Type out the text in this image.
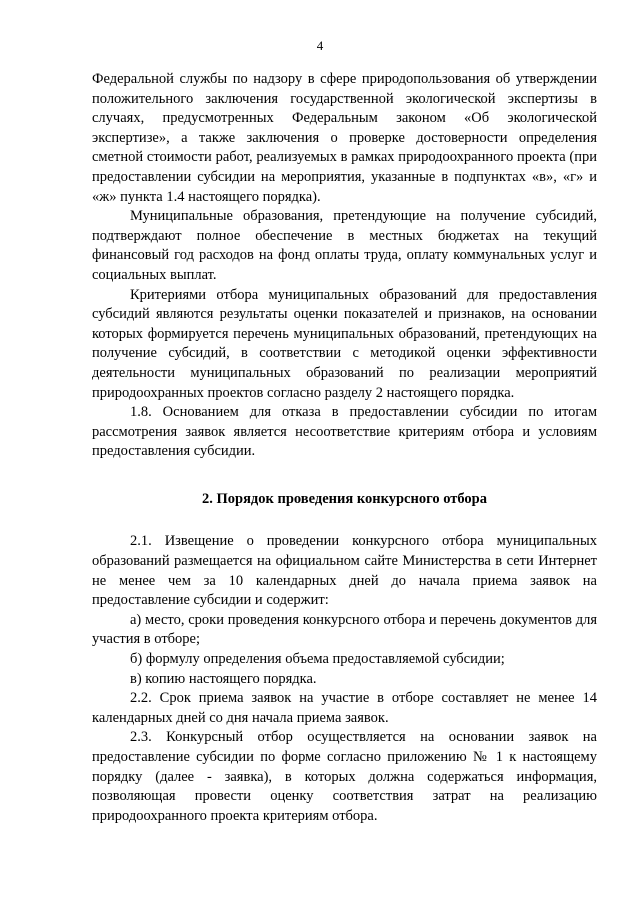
4

Федеральной службы по надзору в сфере природопользования об утверждении положительного заключения государственной экологической экспертизы в случаях, предусмотренных Федеральным законом «Об экологической экспертизе», а также заключения о проверке достоверности определения сметной стоимости работ, реализуемых в рамках природоохранного проекта (при предоставлении субсидии на мероприятия, указанные в подпунктах «в», «г» и «ж» пункта 1.4 настоящего порядка).

Муниципальные образования, претендующие на получение субсидий, подтверждают полное обеспечение в местных бюджетах на текущий финансовый год расходов на фонд оплаты труда, оплату коммунальных услуг и социальных выплат.

Критериями отбора муниципальных образований для предоставления субсидий являются результаты оценки показателей и признаков, на основании которых формируется перечень муниципальных образований, претендующих на получение субсидий, в соответствии с методикой оценки эффективности деятельности муниципальных образований по реализации мероприятий природоохранных проектов согласно разделу 2 настоящего порядка.

1.8. Основанием для отказа в предоставлении субсидии по итогам рассмотрения заявок является несоответствие критериям отбора и условиям предоставления субсидии.

2. Порядок проведения конкурсного отбора

2.1. Извещение о проведении конкурсного отбора муниципальных образований размещается на официальном сайте Министерства в сети Интернет не менее чем за 10 календарных дней до начала приема заявок на предоставление субсидии и содержит:

а) место, сроки проведения конкурсного отбора и перечень документов для участия в отборе;

б) формулу определения объема предоставляемой субсидии;

в) копию настоящего порядка.

2.2. Срок приема заявок на участие в отборе составляет не менее 14 календарных дней со дня начала приема заявок.

2.3. Конкурсный отбор осуществляется на основании заявок на предоставление субсидии по форме согласно приложению № 1 к настоящему порядку (далее - заявка), в которых должна содержаться информация, позволяющая провести оценку соответствия затрат на реализацию природоохранного проекта критериям отбора.
